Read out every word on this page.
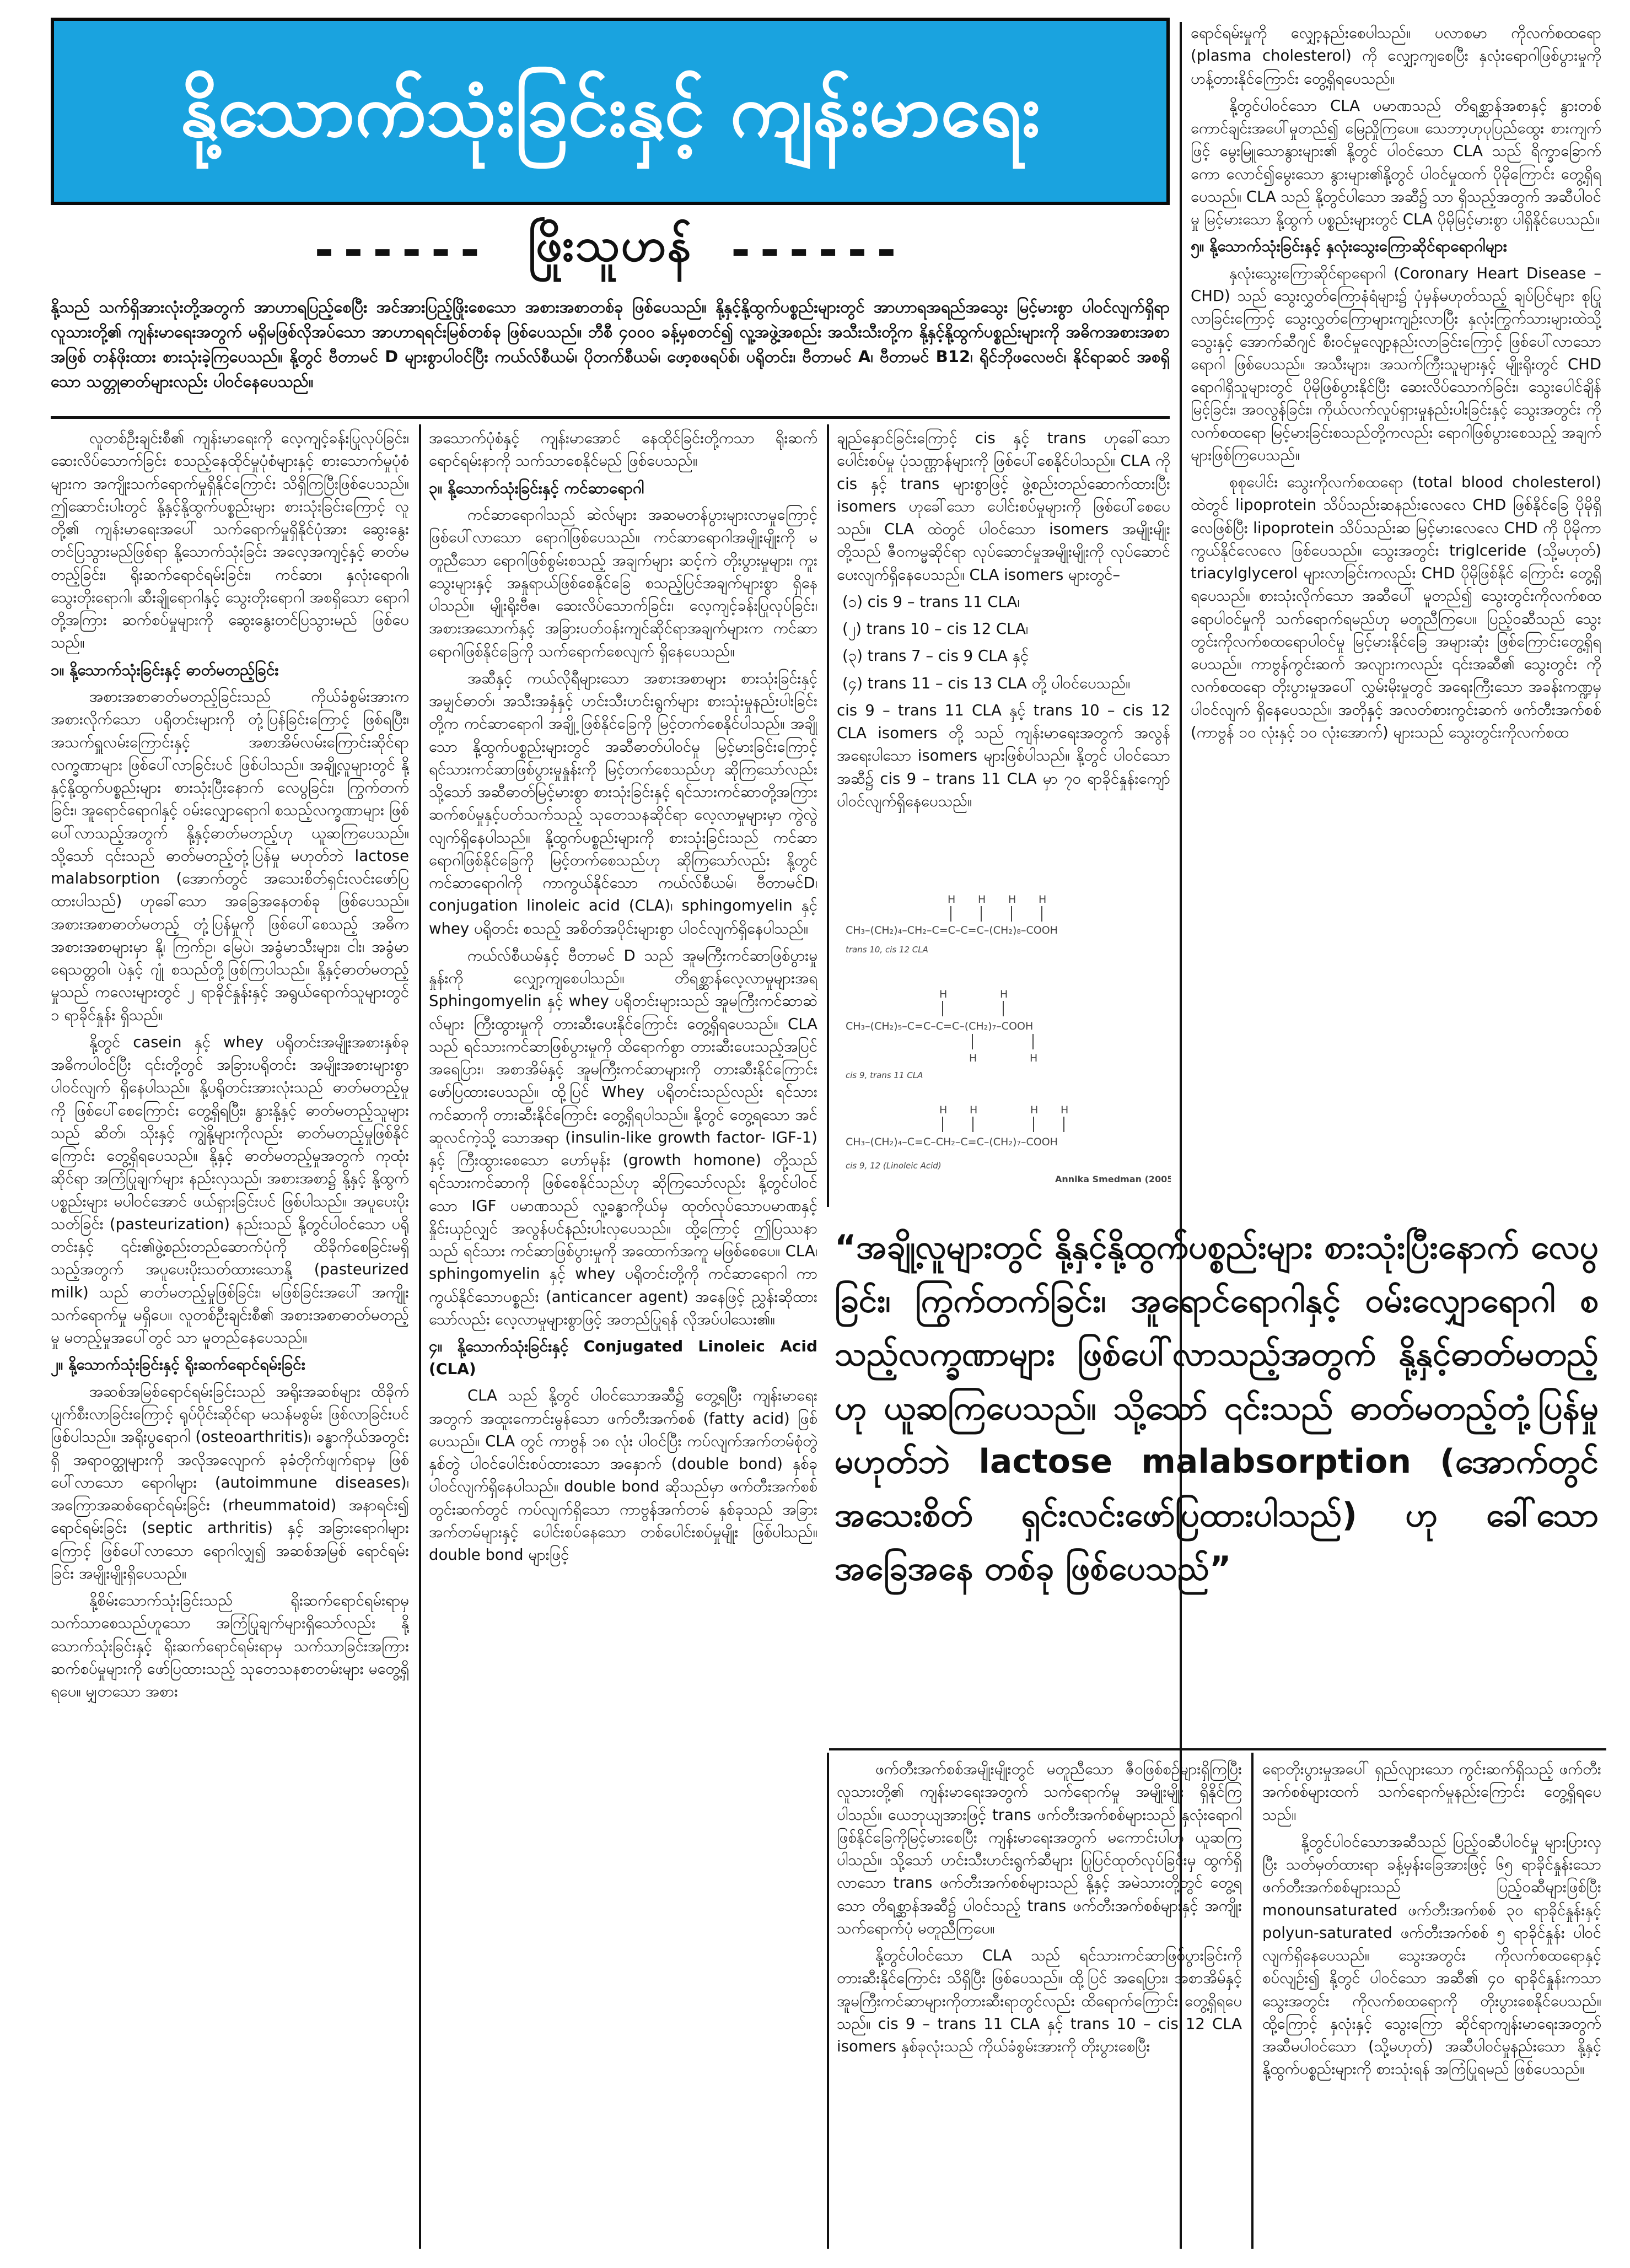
နို့သောက်သုံးခြင်းနှင့် ကျန်းမာရေး
------ ဖြိုးသူဟန် ------
နို့သည် သက်ရှိအားလုံးတို့အတွက် အာဟာရပြည့်စေပြီး အင်အားပြည့်ဖြိုးစေသော အစားအစာတစ်ခု ဖြစ်ပေသည်။ နို့နှင့်နို့ထွက်ပစ္စည်းများတွင် အာဟာရအရည်အသွေး မြင့်မားစွာ ပါဝင်လျက်ရှိရာ လူသားတို့၏ ကျန်းမာရေးအတွက် မရှိမဖြစ်လိုအပ်သော အာဟာရရင်းမြစ်တစ်ခု ဖြစ်ပေသည်။ ဘီစီ ၄၀၀၀ ခန့်မှစတင်၍ လူ့အဖွဲ့အစည်း အသီးသီးတို့က နို့နှင့်နို့ထွက်ပစ္စည်းများကို အဓိကအစားအစာအဖြစ် တန်ဖိုးထား စားသုံးခဲ့ကြပေသည်။ နို့တွင် ဗီတာမင် D များစွာပါဝင်ပြီး ကယ်လ်စီယမ်၊ ပိုတက်စီယမ်၊ ဖော့စဖရပ်စ်၊ ပရိုတင်း၊ ဗီတာမင် A၊ ဗီတာမင် B12၊ ရိုင်ဘိုဖလေဗင်၊ နိုင်ရာဆင် အစရှိသော သတ္တုဓာတ်များလည်း ပါဝင်နေပေသည်။

လူတစ်ဦးချင်းစီ၏ ကျန်းမာရေးကို လေ့ကျင့်ခန်းပြုလုပ်ခြင်း၊ ဆေးလိပ်သောက်ခြင်း စသည့်နေထိုင်မှုပုံစံများနှင့် စားသောက်မှုပုံစံများက အကျိုးသက်ရောက်မှုရှိနိုင်ကြောင်း သိရှိကြပြီးဖြစ်ပေသည်။ ဤဆောင်းပါးတွင် နို့နှင့်နို့ထွက်ပစ္စည်းများ စားသုံးခြင်းကြောင့် လူတို့၏ ကျန်းမာရေးအပေါ် သက်ရောက်မှုရှိနိုင်ပုံအား ဆွေးနွေးတင်ပြသွားမည်ဖြစ်ရာ နို့သောက်သုံးခြင်း အလေ့အကျင့်နှင့် ဓာတ်မတည့်ခြင်း၊ ရိုးဆက်ရောင်ရမ်းခြင်း၊ ကင်ဆာ၊ နှလုံးရောဂါ၊ သွေးတိုးရောဂါ၊ ဆီးချိုရောဂါနှင့် သွေးတိုးရောဂါ အစရှိသော ရောဂါတို့အကြား ဆက်စပ်မှုများကို ဆွေးနွေးတင်ပြသွားမည် ဖြစ်ပေသည်။

၁။ နို့သောက်သုံးခြင်းနှင့် ဓာတ်မတည့်ခြင်း

အစားအစာဓာတ်မတည့်ခြင်းသည် ကိုယ်ခံစွမ်းအားက အစားလိုက်သော ပရိုတင်းများကို တုံ့ပြန်ခြင်းကြောင့် ဖြစ်ရပြီး၊ အသက်ရှူလမ်းကြောင်းနှင့် အစာအိမ်လမ်းကြောင်းဆိုင်ရာ လက္ခဏာများ ဖြစ်ပေါ်လာခြင်းပင် ဖြစ်ပါသည်။ အချို့လူများတွင် နို့နှင့်နို့ထွက်ပစ္စည်းများ စားသုံးပြီးနောက် လေပွခြင်း၊ ကြွက်တက်ခြင်း၊ အူရောင်ရောဂါနှင့် ဝမ်းလျှောရောဂါ စသည့်လက္ခဏာများ ဖြစ်ပေါ်လာသည့်အတွက် နို့နှင့်ဓာတ်မတည့်ဟု ယူဆကြပေသည်။ သို့သော် ၎င်းသည် ဓာတ်မတည့်တုံ့ပြန်မှု မဟုတ်ဘဲ lactose malabsorption (အောက်တွင် အသေးစိတ်ရှင်းလင်းဖော်ပြထားပါသည်) ဟုခေါ်သော အခြေအနေတစ်ခု ဖြစ်ပေသည်။ အစားအစာဓာတ်မတည့် တုံ့ပြန်မှုကို ဖြစ်ပေါ်စေသည့် အဓိက အစားအစာများမှာ နို့၊ ကြက်ဥ၊ မြေပဲ၊ အခွံမာသီးများ၊ ငါး၊ အခွံမာ ရေသတ္တဝါ၊ ပဲနှင့် ဂျုံ စသည်တို့ဖြစ်ကြပါသည်။ နို့နှင့်ဓာတ်မတည့်မှုသည် ကလေးများတွင် ၂ ရာခိုင်နှုန်းနှင့် အရွယ်ရောက်သူများတွင် ၁ ရာခိုင်နှုန်း ရှိသည်။

နို့တွင် casein နှင့် whey ပရိုတင်းအမျိုးအစားနှစ်ခု အဓိကပါဝင်ပြီး ၎င်းတို့တွင် အခြားပရိုတင်း အမျိုးအစားများစွာ ပါဝင်လျက် ရှိနေပါသည်။ နို့ပရိုတင်းအားလုံးသည် ဓာတ်မတည့်မှုကို ဖြစ်ပေါ်စေကြောင်း တွေ့ရှိရပြီး၊ နွားနို့နှင့် ဓာတ်မတည့်သူများသည် ဆိတ်၊ သိုးနှင့် ကျွဲနို့များကိုလည်း ဓာတ်မတည့်မှုဖြစ်နိုင်ကြောင်း တွေ့ရှိရပေသည်။ နို့နှင့် ဓာတ်မတည့်မှုအတွက် ကုထုံးဆိုင်ရာ အကြံပြုချက်များ နည်းလှသည်၊ အစားအစာ၌ နို့နှင့် နို့ထွက်ပစ္စည်းများ မပါဝင်အောင် ဖယ်ရှားခြင်းပင် ဖြစ်ပါသည်။ အပူပေးပိုးသတ်ခြင်း (pasteurization) နည်းသည် နို့တွင်ပါဝင်သော ပရိုတင်းနှင့် ၎င်း၏ဖွဲ့စည်းတည်ဆောက်ပုံကို ထိခိုက်စေခြင်းမရှိသည့်အတွက် အပူပေးပိုးသတ်ထားသောနို့ (pasteurized milk) သည် ဓာတ်မတည့်မှုဖြစ်ခြင်း၊ မဖြစ်ခြင်းအပေါ် အကျိုးသက်ရောက်မှု မရှိပေ။ လူတစ်ဦးချင်းစီ၏ အစားအစာဓာတ်မတည့်မှု မတည့်မှုအပေါ်တွင် သာ မူတည်နေပေသည်။

၂။ နို့သောက်သုံးခြင်းနှင့် ရိုးဆက်ရောင်ရမ်းခြင်း

အဆစ်အမြစ်ရောင်ရမ်းခြင်းသည် အရိုးအဆစ်များ ထိခိုက်ပျက်စီးလာခြင်းကြောင့် ရုပ်ပိုင်းဆိုင်ရာ မသန်မစွမ်း ဖြစ်လာခြင်းပင် ဖြစ်ပါသည်။ အရိုးပွရောဂါ (osteoarthritis)၊ ခန္ဓာကိုယ်အတွင်းရှိ အရာဝတ္ထုများကို အလိုအလျောက် ခုခံတိုက်ဖျက်ရာမှ ဖြစ်ပေါ်လာသော ရောဂါများ (autoimmune diseases)၊ အကြောအဆစ်ရောင်ရမ်းခြင်း (rheummatoid) အနာရင်း၍ ရောင်ရမ်းခြင်း (septic arthritis) နှင့် အခြားရောဂါများကြောင့် ဖြစ်ပေါ်လာသော ရောဂါလျှ၍ အဆစ်အမြစ် ရောင်ရမ်းခြင်း အမျိုးမျိုးရှိပေသည်။

နို့စိမ်းသောက်သုံးခြင်းသည် ရိုးဆက်ရောင်ရမ်းရာမှ သက်သာစေသည်ဟူသော အကြံပြုချက်များရှိသော်လည်း နို့သောက်သုံးခြင်းနှင့် ရိုးဆက်ရောင်ရမ်းရာမှ သက်သာခြင်းအကြား ဆက်စပ်မှုများကို ဖော်ပြထားသည့် သုတေသနစာတမ်းများ မတွေ့ရှိရပေ။ မျှတသော အစား

အသောက်ပုံစံနှင့် ကျန်းမာအောင် နေထိုင်ခြင်းတို့ကသာ ရိုးဆက်ရောင်ရမ်းနာကို သက်သာစေနိုင်မည် ဖြစ်ပေသည်။

၃။ နို့သောက်သုံးခြင်းနှင့် ကင်ဆာရောဂါ

ကင်ဆာရောဂါသည် ဆဲလ်များ အဆမတန်ပွားများလာမှုကြောင့် ဖြစ်ပေါ်လာသော ရောဂါဖြစ်ပေသည်။ ကင်ဆာရောဂါအမျိုးမျိုးကို မတူညီသော ရောဂါဖြစ်စွမ်းစသည့် အချက်များ ဆင့်ကဲ တိုးပွားမှုများ၊ ကူးသွေးများနှင့် အနှုရာယ်ဖြစ်စေနိုင်ခြေ စသည့်ပြင်အချက်များစွာ ရှိနေပါသည်။ မျိုးရိုးဗီဇ၊ ဆေးလိပ်သောက်ခြင်း၊ လေ့ကျင့်ခန်းပြုလုပ်ခြင်း၊ အစားအသောက်နှင့် အခြားပတ်ဝန်းကျင်ဆိုင်ရာအချက်များက ကင်ဆာရောဂါဖြစ်နိုင်ခြေကို သက်ရောက်စေလျက် ရှိနေပေသည်။

အဆီနှင့် ကယ်လိုရီများသော အစားအစာများ စားသုံးခြင်းနှင့် အမျှင်ဓာတ်၊ အသီးအနှံနှင့် ဟင်းသီးဟင်းရွက်များ စားသုံးမှုနည်းပါးခြင်းတို့က ကင်ဆာရောဂါ အချို့ ဖြစ်နိုင်ခြေကို မြင့်တက်စေနိုင်ပါသည်။ အချို့သော နို့ထွက်ပစ္စည်းများတွင် အဆီဓာတ်ပါဝင်မှု မြင့်မားခြင်းကြောင့် ရင်သားကင်ဆာဖြစ်ပွားမှုနှုန်းကို မြင့်တက်စေသည်ဟု ဆိုကြသော်လည်း သို့သော် အဆီဓာတ်မြင့်မားစွာ စားသုံးခြင်းနှင့် ရင်သားကင်ဆာတို့အကြား ဆက်စပ်မှုနှင့်ပတ်သက်သည့် သုတေသနဆိုင်ရာ လေ့လာမှုများမှာ ကွဲလွဲလျက်ရှိနေပါသည်။ နို့ထွက်ပစ္စည်းများကို စားသုံးခြင်းသည် ကင်ဆာရောဂါဖြစ်နိုင်ခြေကို မြင့်တက်စေသည်ဟု ဆိုကြသော်လည်း နို့တွင် ကင်ဆာရောဂါကို ကာကွယ်နိုင်သော ကယ်လ်စီယမ်၊ ဗီတာမင်D၊ conjugation linoleic acid (CLA)၊ sphingomyelin နှင့် whey ပရိုတင်း စသည့် အစိတ်အပိုင်းများစွာ ပါဝင်လျက်ရှိနေပါသည်။

ကယ်လ်စီယမ်နှင့် ဗီတာမင် D သည် အူမကြီးကင်ဆာဖြစ်ပွားမှုနှုန်းကို လျှော့ကျစေပါသည်။ တိရစ္ဆာန်လေ့လာမှုများအရ Sphingomyelin နှင့် whey ပရိုတင်းများသည် အူမကြီးကင်ဆာဆဲလ်များ ကြီးထွားမှုကို တားဆီးပေးနိုင်ကြောင်း တွေ့ရှိရပေသည်။ CLA သည် ရင်သားကင်ဆာဖြစ်ပွားမှုကို ထိရောက်စွာ တားဆီးပေးသည့်အပြင် အရေပြား၊ အစာအိမ်နှင့် အူမကြီးကင်ဆာများကို တားဆီးနိုင်ကြောင်း ဖော်ပြထားပေသည်။ ထို့ပြင် Whey ပရိုတင်းသည်လည်း ရင်သားကင်ဆာကို တားဆီးနိုင်ကြောင်း တွေ့ရှိရပါသည်။ နို့တွင် တွေ့ရသော အင်ဆူလင်ကဲ့သို့ သောအရာ (insulin-like growth factor- IGF-1) နှင့် ကြီးထွားစေသော ဟော်မုန်း (growth homone) တို့သည် ရင်သားကင်ဆာကို ဖြစ်စေနိုင်သည်ဟု ဆိုကြသော်လည်း နို့တွင်ပါဝင်သော IGF ပမာဏသည် လူ့ခန္ဓာကိုယ်မှ ထုတ်လုပ်သောပမာဏနှင့် နှိုင်းယှဉ်လျှင် အလွန်ပင်နည်းပါးလှပေသည်။ ထို့ကြောင့် ဤပြဿနာသည် ရင်သား ကင်ဆာဖြစ်ပွားမှုကို အထောက်အကူ မဖြစ်စေပေ။ CLA၊ sphingomyelin နှင့် whey ပရိုတင်းတို့ကို ကင်ဆာရောဂါ ကာကွယ်နိုင်သောပစ္စည်း (anticancer agent) အနေဖြင့် ညွှန်းဆိုထားသော်လည်း လေ့လာမှုများစွာဖြင့် အတည်ပြုရန် လိုအပ်ပါသေး၏။

၄။ နို့သောက်သုံးခြင်းနှင့် Conjugated Linoleic Acid (CLA)

CLA သည် နို့တွင် ပါဝင်သောအဆီ၌ တွေ့ရပြီး ကျန်းမာရေးအတွက် အထူးကောင်းမွန်သော ဖက်တီးအက်စစ် (fatty acid) ဖြစ်ပေသည်။ CLA တွင် ကာဗွန် ၁၈ လုံး ပါဝင်ပြီး ကပ်လျက်အက်တမ်စုံတွဲနှစ်တွဲ ပါဝင်ပေါင်းစပ်ထားသော အနှောက် (double bond) နှစ်ခုပါဝင်လျက်ရှိနေပါသည်။ double bond ဆိုသည်မှာ ဖက်တီးအက်စစ်တွင်းဆက်တွင် ကပ်လျက်ရှိသော ကာဗွန်အက်တမ် နှစ်ခုသည် အခြားအက်တမ်များနှင့် ပေါင်းစပ်နေသော တစ်ပေါင်းစပ်မှုမျိုး ဖြစ်ပါသည်။ double bond များဖြင့်

ချည်နှောင်ခြင်းကြောင့် cis နှင့် trans ဟုခေါ်သော ပေါင်းစပ်မှု ပုံသဏ္ဌာန်များကို ဖြစ်ပေါ်စေနိုင်ပါသည်။ CLA ကို cis နှင့် trans များစွာဖြင့် ဖွဲ့စည်းတည်ဆောက်ထားပြီး isomers ဟုခေါ်သော ပေါင်းစပ်မှုများကို ဖြစ်ပေါ်စေပေသည်။ CLA ထဲတွင် ပါဝင်သော isomers အမျိုးမျိုးတို့သည် ဇီဝကမ္မဆိုင်ရာ လုပ်ဆောင်မှုအမျိုးမျိုးကို လုပ်ဆောင်ပေးလျက်ရှိနေပေသည်။ CLA isomers များတွင်–

(၁) cis 9 – trans 11 CLA၊

(၂) trans 10 – cis 12 CLA၊

(၃) trans 7 – cis 9 CLA နှင့်

(၄) trans 11 – cis 13 CLA တို့ ပါဝင်ပေသည်။

cis 9 – trans 11 CLA နှင့် trans 10 – cis 12 CLA isomers တို့ သည် ကျန်းမာရေးအတွက် အလွန်အရေးပါသော isomers များဖြစ်ပါသည်။ နို့တွင် ပါဝင်သောအဆီ၌ cis 9 – trans 11 CLA မှာ ၇၀ ရာခိုင်နှုန်းကျော်ပါဝင်လျက်ရှိနေပေသည်။

H H H H
CH₃–(CH₂)₄–CH₂–C=C–C=C–(CH₂)₈–COOH
trans 10, cis 12 CLA
H	H
CH₃–(CH₂)₅–C=C–C=C–(CH₂)₇–COOH
H	H
cis 9, trans 11 CLA
H H	H H
CH₃–(CH₂)₄–C=C–CH₂–C=C–(CH₂)₇–COOH
cis 9, 12 (Linoleic Acid)
Annika Smedman (2005)
“အချို့လူများတွင် နို့နှင့်နို့ထွက်ပစ္စည်းများ စားသုံးပြီးနောက် လေပွခြင်း၊ ကြွက်တက်ခြင်း၊ အူရောင်ရောဂါနှင့် ဝမ်းလျှောရောဂါ စသည့်လက္ခဏာများ ဖြစ်ပေါ်လာသည့်အတွက် နို့နှင့်ဓာတ်မတည့်ဟု ယူဆကြပေသည်။ သို့သော် ၎င်းသည် ဓာတ်မတည့်တုံ့ပြန်မှု မဟုတ်ဘဲ lactose malabsorption (အောက်တွင် အသေးစိတ် ရှင်းလင်းဖော်ပြထားပါသည်) ဟု ခေါ်သော အခြေအနေ တစ်ခု ဖြစ်ပေသည်”

ရောင်ရမ်းမှုကို လျှော့နည်းစေပါသည်။ ပလာစမာ ကိုလက်စထရော (plasma cholesterol) ကို လျှော့ကျစေပြီး နှလုံးရောဂါဖြစ်ပွားမှုကို ဟန့်တားနိုင်ကြောင်း တွေ့ရှိရပေသည်။

နို့တွင်ပါဝင်သော CLA ပမာဏသည် တိရစ္ဆာန်အစာနှင့် နွားတစ်ကောင်ချင်းအပေါ်မှုတည်၍ မြေညှိုကြပေ။ သေဘာ့ဟုပုပြည်ထွေး စားကျက်ဖြင့် မွေးမြူသောနွားများ၏ နို့တွင် ပါဝင်သော CLA သည် ရိက္ခာခြောက်ကော လောင်၍မွေးသော နွားများ၏နို့တွင် ပါဝင်မှုထက် ပိုမိုကြောင်း တွေ့ရှိရပေသည်။ CLA သည် နို့တွင်ပါသော အဆီ၌ သာ ရှိသည့်အတွက် အဆီပါဝင်မှု မြင့်မားသော နို့ထွက် ပစ္စည်းများတွင် CLA ပိုမိုမြင့်မားစွာ ပါရှိနိုင်ပေသည်။

၅။ နို့သောက်သုံးခြင်းနှင့် နှလုံးသွေးကြောဆိုင်ရာရောဂါများ

နှလုံးသွေးကြောဆိုင်ရာရောဂါ (Coronary Heart Disease – CHD) သည် သွေးလွှတ်ကြောနံရံများ၌ ပုံမှန်မဟုတ်သည့် ချပ်ပြင်များ စုပြုလာခြင်းကြောင့် သွေးလွှတ်ကြောများကျဉ်းလာပြီး နှလုံးကြွက်သားများထဲသို့ သွေးနှင့် အောက်ဆီဂျင် စီးဝင်မှုလျော့နည်းလာခြင်းကြောင့် ဖြစ်ပေါ်လာသောရောဂါ ဖြစ်ပေသည်။ အသီးများ၊ အသက်ကြီးသူများနှင့် မျိုးရိုးတွင် CHD ရောဂါရှိသူများတွင် ပိုမိုဖြစ်ပွားနိုင်ပြီး ဆေးလိပ်သောက်ခြင်း၊ သွေးပေါင်ချိန်မြင့်ခြင်း၊ အဝလွန်ခြင်း၊ ကိုယ်လက်လှုပ်ရှားမှုနည်းပါးခြင်းနှင့် သွေးအတွင်း ကိုလက်စထရော မြင့်မားခြင်းစသည်တို့ကလည်း ရောဂါဖြစ်ပွားစေသည့် အချက်များဖြစ်ကြပေသည်။

စုစုပေါင်း သွေးကိုလက်စထရော (total blood cholesterol) ထဲတွင် lipoprotein သိပ်သည်းဆနည်းလေလေ CHD ဖြစ်နိုင်ခြေ ပိုမိုရှိလေဖြစ်ပြီး lipoprotein သိပ်သည်းဆ မြင့်မားလေလေ CHD ကို ပိုမိုကာကွယ်နိုင်လေလေ ဖြစ်ပေသည်။ သွေးအတွင်း triglceride (သို့မဟုတ်) triacylglycerol များလာခြင်းကလည်း CHD ပိုမိုဖြစ်နိုင် ကြောင်း တွေ့ရှိရပေသည်။ စားသုံးလိုက်သော အဆီပေါ် မူတည်၍ သွေးတွင်းကိုလက်စထရောပါဝင်မှုကို သက်ရောက်ရမည်ဟု မတူညီကြပေ။ ပြည့်ဝဆီသည် သွေးတွင်းကိုလက်စထရောပါဝင်မှု မြင့်မားနိုင်ခြေ အများဆုံး ဖြစ်ကြောင်းတွေ့ရှိရပေသည်။ ကာဗွန်ကွင်းဆက် အလျားကလည်း ၎င်းအဆီ၏ သွေးတွင်း ကိုလက်စထရော တိုးပွားမှုအပေါ် လွှမ်းမိုးမှုတွင် အရေးကြီးသော အခန်းကဏ္ဍမှ ပါဝင်လျက် ရှိနေပေသည်။ အတိုနှင့် အလတ်စားကွင်းဆက် ဖက်တီးအက်စစ် (ကာဗွန် ၁၀ လုံးနှင့် ၁၀ လုံးအောက်) များသည် သွေးတွင်းကိုလက်စထ

ဖက်တီးအက်စစ်အမျိုးမျိုးတွင် မတူညီသော ဇီဝဖြစ်စဉ်များရှိကြပြီး လူသားတို့၏ ကျန်းမာရေးအတွက် သက်ရောက်မှု အမျိုးမျိုး ရှိနိုင်ကြပါသည်။ ယေဘုယျအားဖြင့် trans ဖက်တီးအက်စစ်များသည် နှလုံးရောဂါဖြစ်နိုင်ခြေကိုမြင့်မားစေပြီး ကျန်းမာရေးအတွက် မကောင်းပါဟု ယူဆကြပါသည်။ သို့သော် ဟင်းသီးဟင်းရွက်ဆီများ ပြုပြင်ထုတ်လုပ်ခြင်းမှ ထွက်ရှိလာသော trans ဖက်တီးအက်စစ်များသည် နို့နှင့် အမဲသားတို့တွင် တွေ့ရသော တိရစ္ဆာန်အဆီ၌ ပါဝင်သည့် trans ဖက်တီးအက်စစ်များနှင့် အကျိုးသက်ရောက်ပုံ မတူညီကြပေ။

နို့တွင်ပါဝင်သော CLA သည် ရင်သားကင်ဆာဖြစ်ပွားခြင်းကို တားဆီးနိုင်ကြောင်း သိရှိပြီး ဖြစ်ပေသည်။ ထို့ပြင် အရေပြား၊ အစာအိမ်နှင့် အူမကြီးကင်ဆာများကိုတားဆီးရာတွင်လည်း ထိရောက်ကြောင်း တွေ့ရှိရပေသည်။ cis 9 – trans 11 CLA နှင့် trans 10 – cis 12 CLA isomers နှစ်ခုလုံးသည် ကိုယ်ခံစွမ်းအားကို တိုးပွားစေပြီး

ရောတိုးပွားမှုအပေါ် ရှည်လျားသော ကွင်းဆက်ရှိသည့် ဖက်တီးအက်စစ်များထက် သက်ရောက်မှုနည်းကြောင်း တွေ့ရှိရပေသည်။

နို့တွင်ပါဝင်သောအဆီသည် ပြည့်ဝဆီပါဝင်မှု များပြားလှပြီး သတ်မှတ်ထားရာ ခန့်မှန်းခြေအားဖြင့် ၆၅ ရာခိုင်နှုန်းသော ဖက်တီးအက်စစ်များသည် ပြည့်ဝဆီများဖြစ်ပြီး monounsaturated ဖက်တီးအက်စစ် ၃၀ ရာခိုင်နှုန်းနှင့် polyun-saturated ဖက်တီးအက်စစ် ၅ ရာခိုင်နှုန်း ပါဝင်လျက်ရှိနေပေသည်။ သွေးအတွင်း ကိုလက်စထရောနှင့်စပ်လျဉ်း၍ နို့တွင် ပါဝင်သော အဆီ၏ ၄၀ ရာခိုင်နှုန်းကသာ သွေးအတွင်း ကိုလက်စထရောကို တိုးပွားစေနိုင်ပေသည်။ ထို့ကြောင့် နှလုံးနှင့် သွေးကြော ဆိုင်ရာကျန်းမာရေးအတွက် အဆီမပါဝင်သော (သို့မဟုတ်) အဆီပါဝင်မှုနည်းသော နို့နှင့် နို့ထွက်ပစ္စည်းများကို စားသုံးရန် အကြံပြုရမည် ဖြစ်ပေသည်။
